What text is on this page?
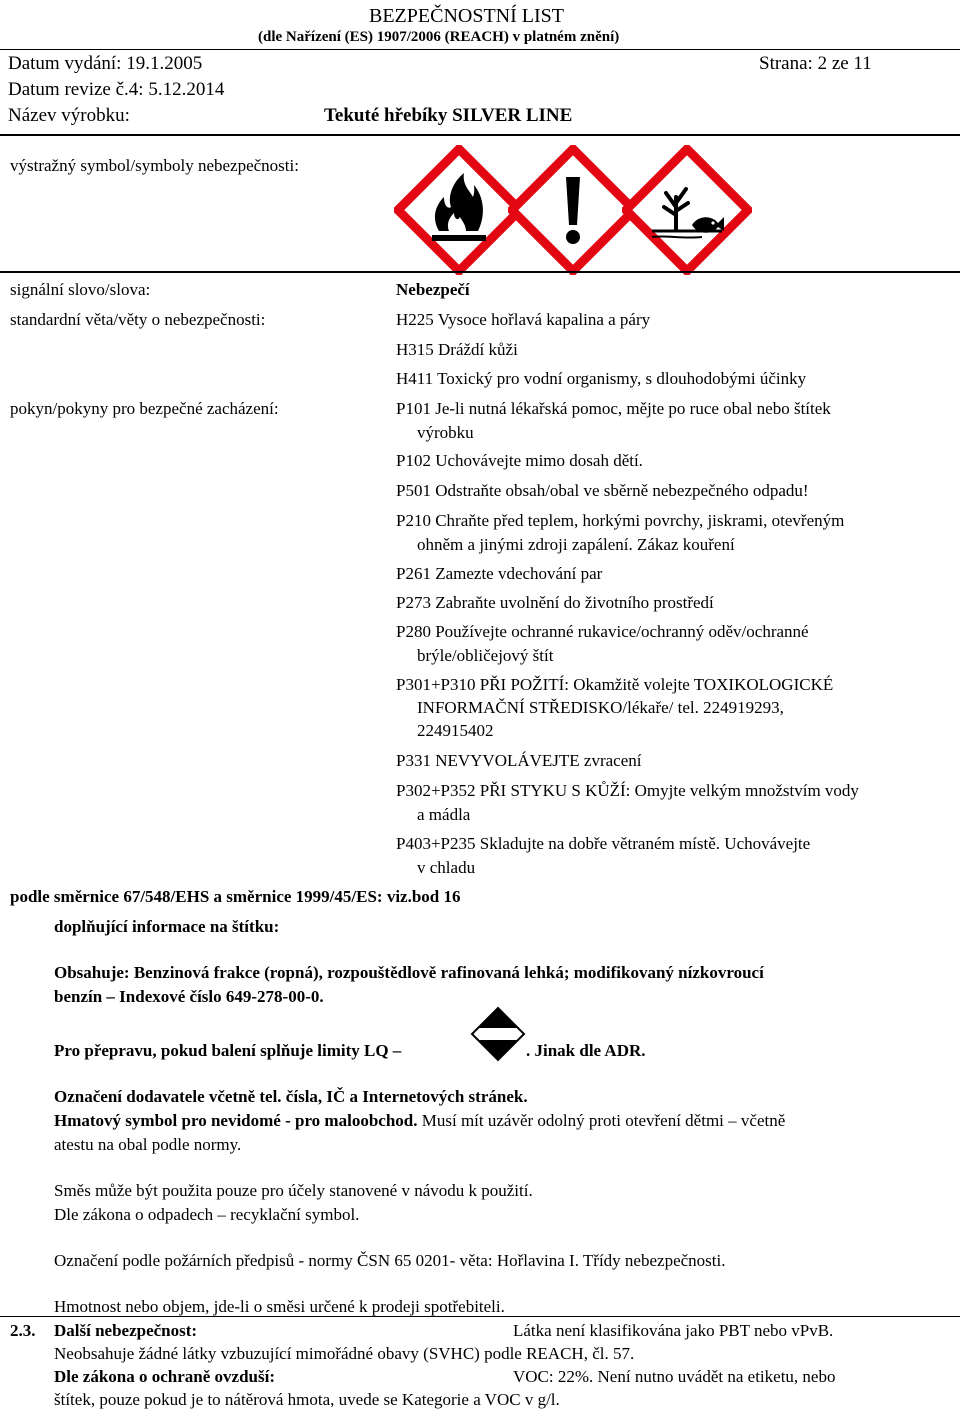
BEZPEČNOSTNÍ LIST
(dle Nařízení (ES) 1907/2006 (REACH) v platném znění)
Datum vydání: 19.1.2005	Strana: 2 ze 11
Datum revize č.4: 5.12.2014
Název výrobku:	Tekuté hřebíky SILVER LINE
výstražný symbol/symboly nebezpečnosti:
signální slovo/slova:	Nebezpečí
standardní věta/věty o nebezpečnosti:	H225 Vysoce hořlavá kapalina a páry
H315 Dráždí kůži
H411 Toxický pro vodní organismy, s dlouhodobými účinky
pokyn/pokyny pro bezpečné zacházení:	P101 Je-li nutná lékařská pomoc, mějte po ruce obal nebo štítek
výrobku
P102 Uchovávejte mimo dosah dětí.
P501 Odstraňte obsah/obal ve sběrně nebezpečného odpadu!
P210 Chraňte před teplem, horkými povrchy, jiskrami, otevřeným
ohněm a jinými zdroji zapálení. Zákaz kouření
P261 Zamezte vdechování par
P273 Zabraňte uvolnění do životního prostředí
P280 Používejte ochranné rukavice/ochranný oděv/ochranné
brýle/obličejový štít
P301+P310 PŘI POŽITÍ: Okamžitě volejte TOXIKOLOGICKÉ
INFORMAČNÍ STŘEDISKO/lékaře/ tel. 224919293,
224915402
P331 NEVYVOLÁVEJTE zvracení
P302+P352 PŘI STYKU S KŮŽÍ: Omyjte velkým množstvím vody
a mádla
P403+P235 Skladujte na dobře větraném místě. Uchovávejte
v chladu
podle směrnice 67/548/EHS a směrnice 1999/45/ES: viz.bod 16
doplňující informace na štítku:
Obsahuje: Benzinová frakce (ropná), rozpouštědlově rafinovaná lehká; modifikovaný nízkovroucí
benzín – Indexové číslo 649-278-00-0.
Pro přepravu, pokud balení splňuje limity LQ –	. Jinak dle ADR.
Označení dodavatele včetně tel. čísla, IČ a Internetových stránek.
Hmatový symbol pro nevidomé - pro maloobchod. Musí mít uzávěr odolný proti otevření dětmi – včetně
atestu na obal podle normy.
Směs může být použita pouze pro účely stanovené v návodu k použití.
Dle zákona o odpadech – recyklační symbol.
Označení podle požárních předpisů - normy ČSN 65 0201- věta: Hořlavina I. Třídy nebezpečnosti.
Hmotnost nebo objem, jde-li o směsi určené k prodeji spotřebiteli.
2.3. Další nebezpečnost:	Látka není klasifikována jako PBT nebo vPvB.
Neobsahuje žádné látky vzbuzující mimořádné obavy (SVHC) podle REACH, čl. 57.
Dle zákona o ochraně ovzduší:	VOC: 22%. Není nutno uvádět na etiketu, nebo
štítek, pouze pokud je to nátěrová hmota, uvede se Kategorie a VOC v g/l.
